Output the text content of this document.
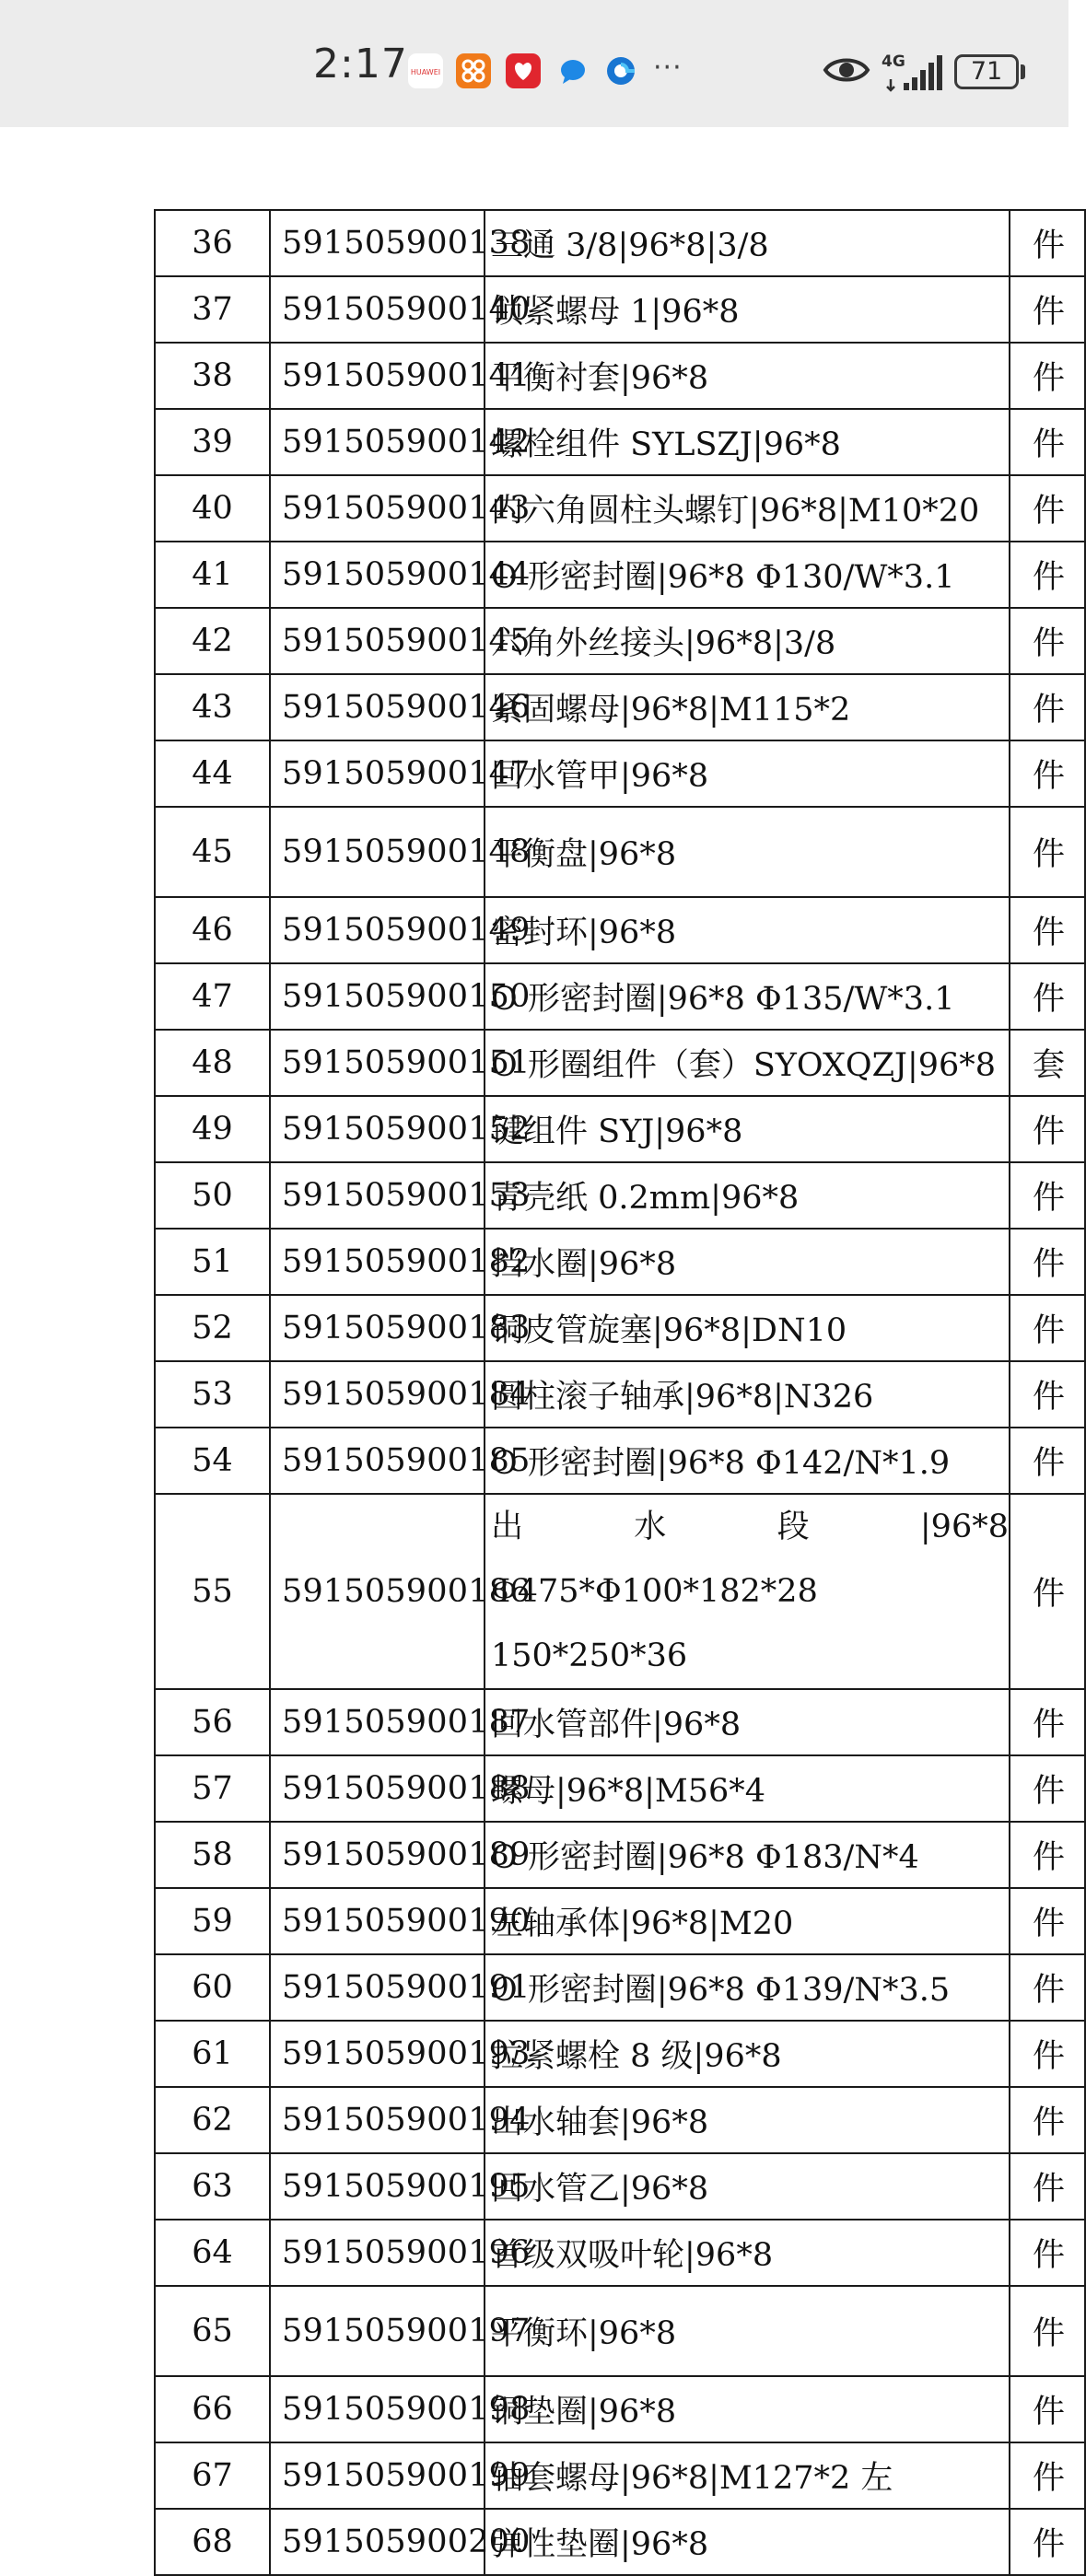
2:17 HUAWEI	···	4G	71
36	591505900138	三通 3/8|96*8|3/8	件
37	591505900140	锁紧螺母 1|96*8	件
38	591505900141	平衡衬套|96*8	件
39	591505900142	螺栓组件 SYLSZJ|96*8	件
40	591505900143	内六角圆柱头螺钉|96*8|M10*20	件
41	591505900144	O 形密封圈|96*8 Φ130/W*3.1	件
42	591505900145	六角外丝接头|96*8|3/8	件
43	591505900146	紧固螺母|96*8|M115*2	件
44	591505900147	回水管甲|96*8	件
45	591505900148	平衡盘|96*8	件
46	591505900149	密封环|96*8	件
47	591505900150	O 形密封圈|96*8 Φ135/W*3.1	件
48	591505900151	O 形圈组件（套）SYOXQZJ|96*8	套
49	591505900152	键组件 SYJ|96*8	件
50	591505900153	青壳纸 0.2mm|96*8	件
51	591505900182	挡水圈|96*8	件
52	591505900183	铜皮管旋塞|96*8|DN10	件
53	591505900184	圆柱滚子轴承|96*8|N326	件
54	591505900185	O 形密封圈|96*8 Φ142/N*1.9	件
55	591505900186	出 水 段 |96*8 Φ475*Φ100*182*28 150*250*36	件
56	591505900187	回水管部件|96*8	件
57	591505900188	螺母|96*8|M56*4	件
58	591505900189	O 形密封圈|96*8 Φ183/N*4	件
59	591505900190	左轴承体|96*8|M20	件
60	591505900191	O 形密封圈|96*8 Φ139/N*3.5	件
61	591505900193	拉紧螺栓 8 级|96*8	件
62	591505900194	出水轴套|96*8	件
63	591505900195	回水管乙|96*8	件
64	591505900196	首级双吸叶轮|96*8	件
65	591505900197	平衡环|96*8	件
66	591505900198	铜垫圈|96*8	件
67	591505900199	轴套螺母|96*8|M127*2 左	件
68	591505900200	弹性垫圈|96*8	件
